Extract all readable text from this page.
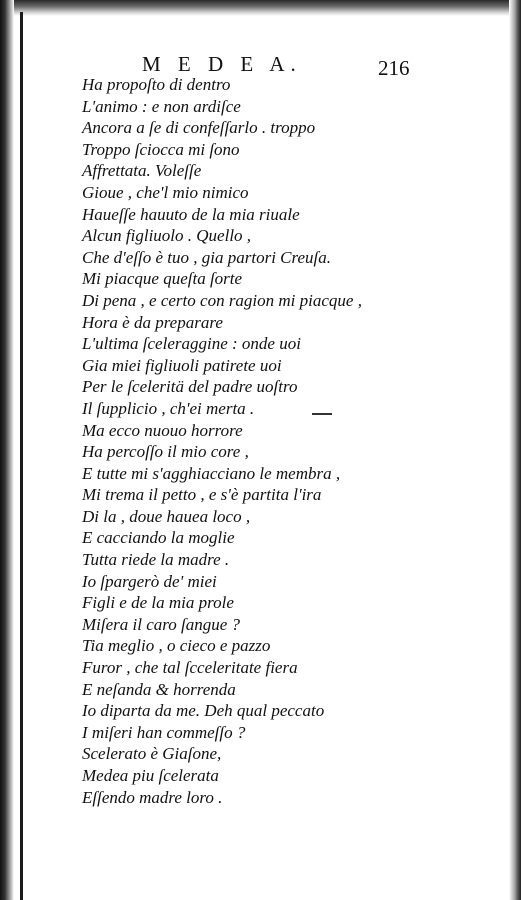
M E D E A.	216
Ha propoſto di dentro
L'animo : e non ardiſce
Ancora a ſe di confeſſarlo . troppo
Troppo ſciocca mi ſono
Affrettata. Voleſſe
Gioue , che'l mio nimico
Haueſſe hauuto de la mia riuale
Alcun figliuolo . Quello ,
Che d'eſſo è tuo , gia partori Creuſa.
Mi piacque queſta ſorte
Di pena , e certo con ragion mi piacque ,
Hora è da preparare
L'ultima ſceleraggine : onde uoi
Gia miei figliuoli patirete uoi
Per le ſceleritä del padre uoſtro
Il ſupplicio , ch'ei merta .
Ma ecco nuouo horrore
Ha percoſſo il mio core ,
E tutte mi s'agghiacciano le membra ,
Mi trema il petto , e s'è partita l'ira
Di la , doue hauea loco ,
E cacciando la moglie
Tutta riede la madre .
Io ſpargerò de' miei
Figli e de la mia prole
Miſera il caro ſangue ?
Tia meglio , o cieco e pazzo
Furor , che tal ſcceleritate fiera
E neſanda & horrenda
Io diparta da me. Deh qual peccato
I miſeri han commeſſo ?
Scelerato è Giaſone,
Medea piu ſcelerata
Eſſendo madre loro .
